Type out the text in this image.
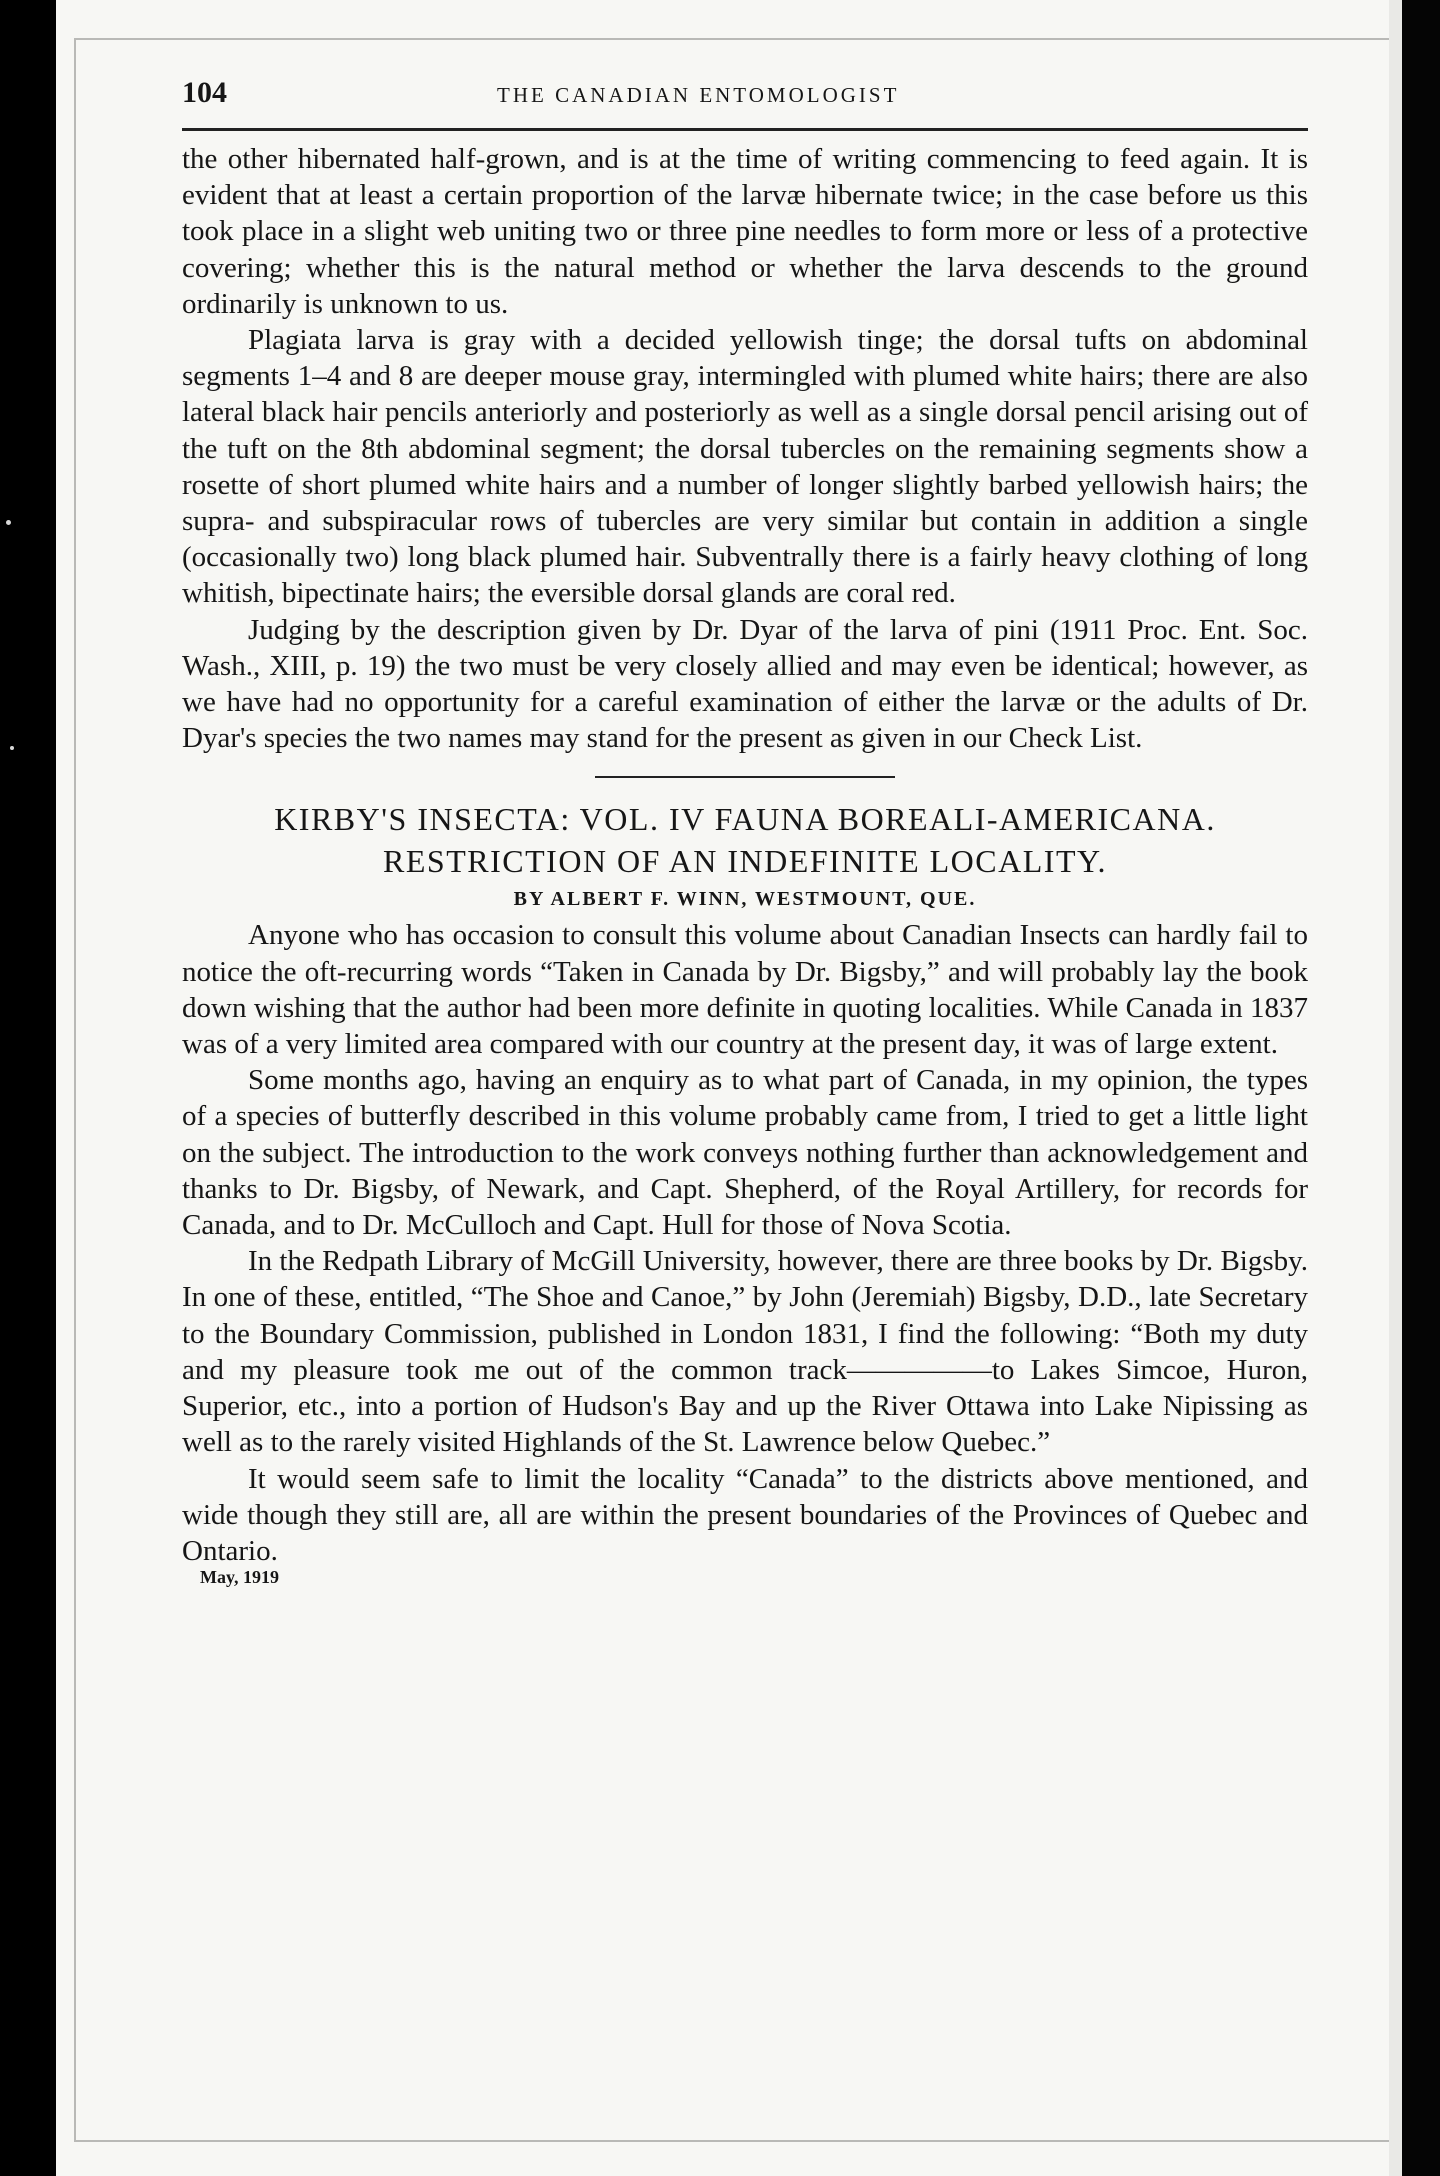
104	THE CANADIAN ENTOMOLOGIST

the other hibernated half-grown, and is at the time of writing commencing to feed again. It is evident that at least a certain proportion of the larvæ hibernate twice; in the case before us this took place in a slight web uniting two or three pine needles to form more or less of a protective covering; whether this is the natural method or whether the larva descends to the ground ordinarily is unknown to us.

Plagiata larva is gray with a decided yellowish tinge; the dorsal tufts on abdominal segments 1–4 and 8 are deeper mouse gray, intermingled with plumed white hairs; there are also lateral black hair pencils anteriorly and posteriorly as well as a single dorsal pencil arising out of the tuft on the 8th abdominal segment; the dorsal tubercles on the remaining segments show a rosette of short plumed white hairs and a number of longer slightly barbed yellowish hairs; the supra- and subspiracular rows of tubercles are very similar but contain in addition a single (occasionally two) long black plumed hair. Subventrally there is a fairly heavy clothing of long whitish, bipectinate hairs; the eversible dorsal glands are coral red.

Judging by the description given by Dr. Dyar of the larva of pini (1911 Proc. Ent. Soc. Wash., XIII, p. 19) the two must be very closely allied and may even be identical; however, as we have had no opportunity for a careful examination of either the larvæ or the adults of Dr. Dyar's species the two names may stand for the present as given in our Check List.

KIRBY'S INSECTA: VOL. IV FAUNA BOREALI-AMERICANA.

RESTRICTION OF AN INDEFINITE LOCALITY.

BY ALBERT F. WINN, WESTMOUNT, QUE.

Anyone who has occasion to consult this volume about Canadian Insects can hardly fail to notice the oft-recurring words “Taken in Canada by Dr. Bigsby,” and will probably lay the book down wishing that the author had been more definite in quoting localities. While Canada in 1837 was of a very limited area compared with our country at the present day, it was of large extent.

Some months ago, having an enquiry as to what part of Canada, in my opinion, the types of a species of butterfly described in this volume probably came from, I tried to get a little light on the subject. The introduction to the work conveys nothing further than acknowledgement and thanks to Dr. Bigsby, of Newark, and Capt. Shepherd, of the Royal Artillery, for records for Canada, and to Dr. McCulloch and Capt. Hull for those of Nova Scotia.

In the Redpath Library of McGill University, however, there are three books by Dr. Bigsby. In one of these, entitled, “The Shoe and Canoe,” by John (Jeremiah) Bigsby, D.D., late Secretary to the Boundary Commission, published in London 1831, I find the following: “Both my duty and my pleasure took me out of the common track—————to Lakes Simcoe, Huron, Superior, etc., into a portion of Hudson's Bay and up the River Ottawa into Lake Nipissing as well as to the rarely visited Highlands of the St. Lawrence below Quebec.”

It would seem safe to limit the locality “Canada” to the districts above mentioned, and wide though they still are, all are within the present boundaries of the Provinces of Quebec and Ontario.

May, 1919
